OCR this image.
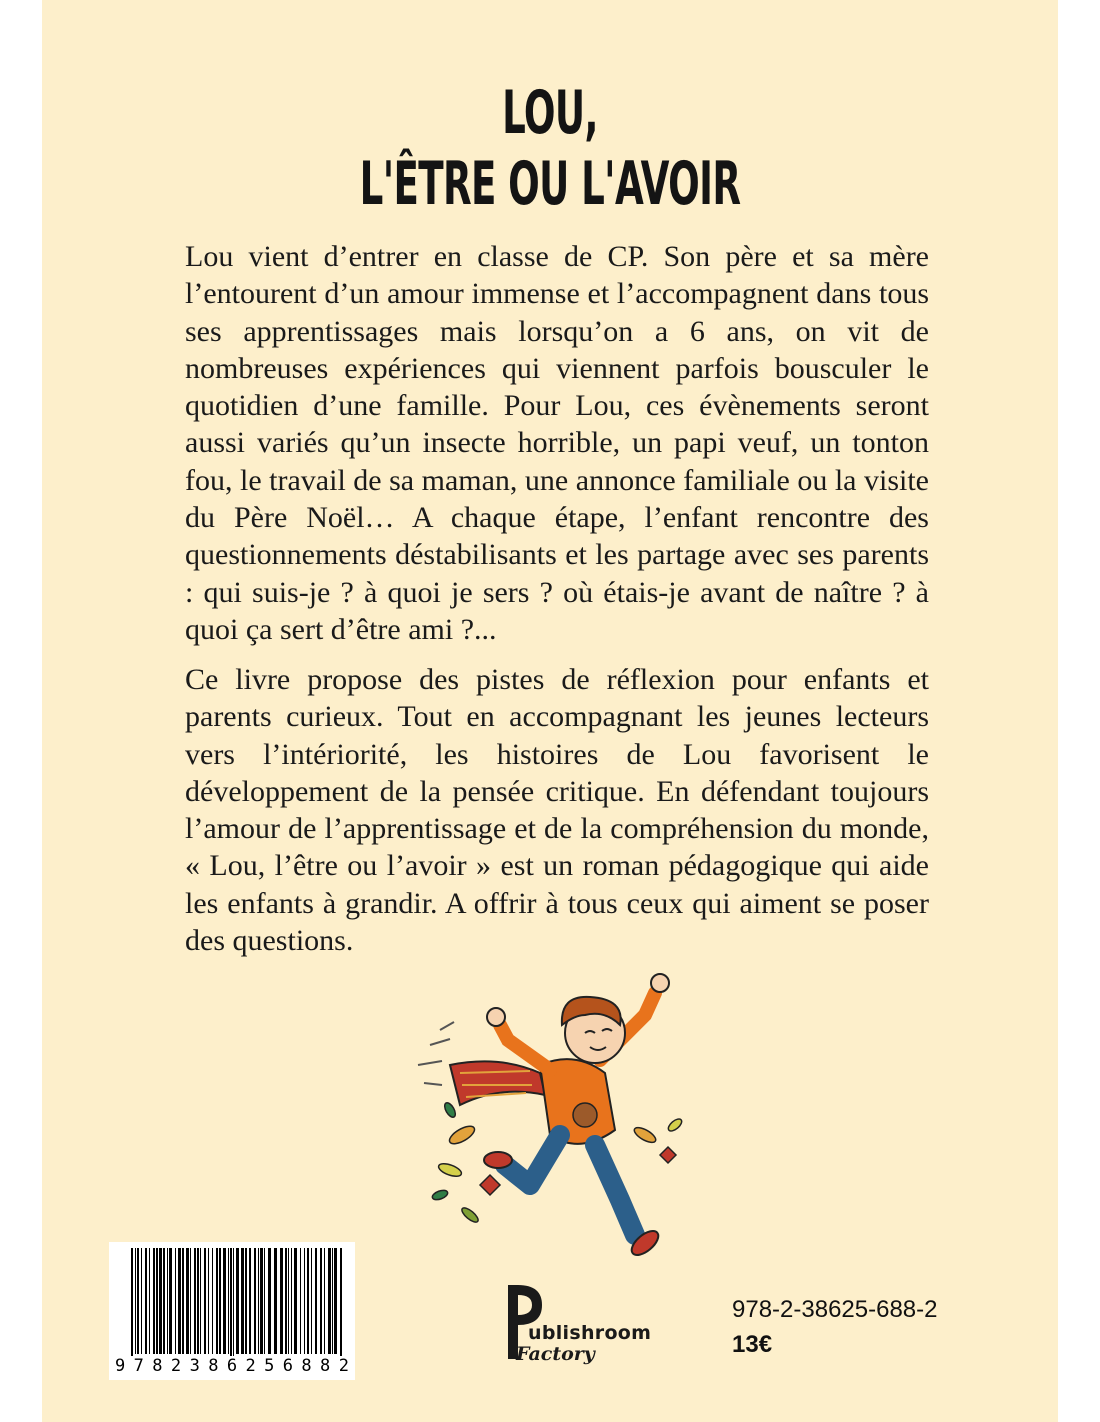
LOU,
L'ÊTRE OU L'AVOIR

Lou vient d’entrer en classe de CP. Son père et sa mère l’entourent d’un amour immense et l’accompagnent dans tous ses apprentissages mais lorsqu’on a 6 ans, on vit de nombreuses expériences qui viennent parfois bousculer le quotidien d’une famille. Pour Lou, ces évènements seront aussi variés qu’un insecte horrible, un papi veuf, un tonton fou, le travail de sa maman, une annonce familiale ou la visite du Père Noël… A chaque étape, l’enfant rencontre des questionnements déstabilisants et les partage avec ses parents : qui suis-je ? à quoi je sers ? où étais-je avant de naître ? à quoi ça sert d’être ami ?...

Ce livre propose des pistes de réflexion pour enfants et parents curieux. Tout en accompagnant les jeunes lecteurs vers l’intériorité, les histoires de Lou favorisent le développement de la pensée critique. En défendant toujours l’amour de l’apprentissage et de la compréhension du monde, « Lou, l’être ou l’avoir » est un roman pédagogique qui aide les enfants à grandir. A offrir à tous ceux qui aiment se poser des questions.

9 7 8 2 3 8 6 2 5 6 8 8 2
ublishroom
Factory
978-2-38625-688-2
13€
